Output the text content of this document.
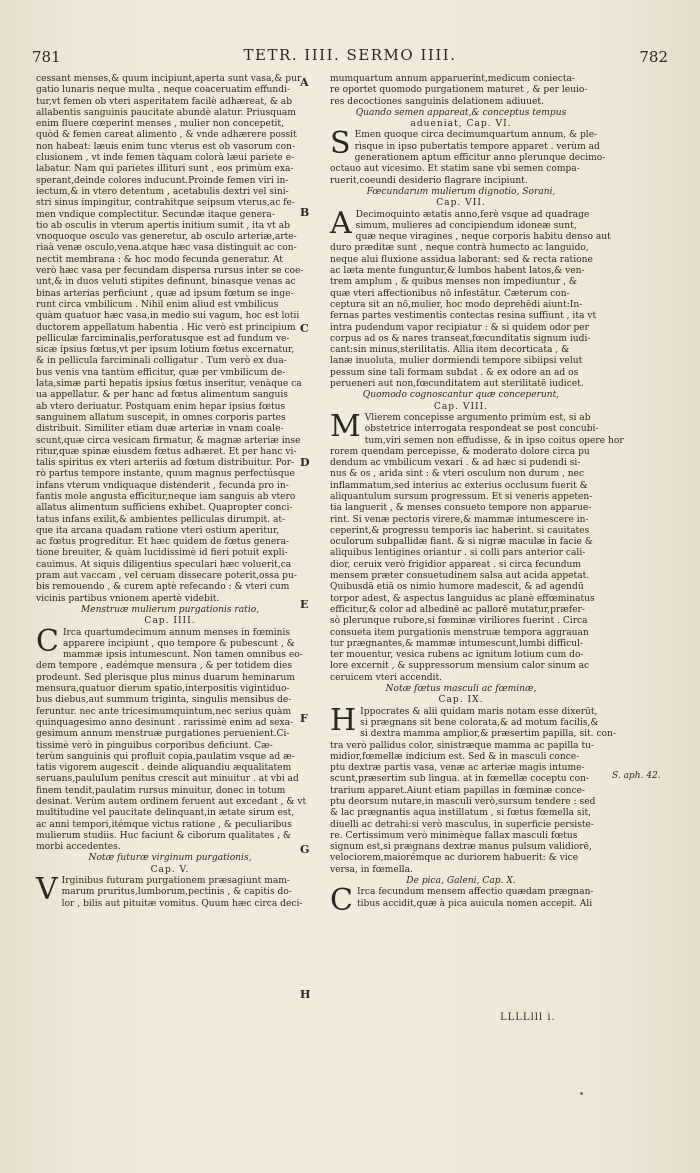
781	TETR. IIII. SERMO IIII.	782
cessant menses,& quum incipiunt,aperta sunt vasa,& pur
gatio lunaris neque multa , neque coaceruatim effundi-
tur,vt femen ob vteri asperitatem facilè adhæreat, & ab
allabentis sanguinis paucitate abundè alatur. Priusquam
enim fluere cœperint menses , mulier non concepetit,
quòd & femen careat alimento , & vnde adhærere possit
non habeat: læuis enim tunc vterus est ob vasorum con-
clusionem , vt inde femen tàquam colorà læui pariete e-
labatur. Nam qui parietes illituri sunt , eos primùm exa-
sperant,deinde colores inducunt.Proinde femen viri in-
iectum,& in vtero detentum , acetabulis dextri vel sini-
stri sinus impingitur, contrahitque seipsum vterus,ac fe-
men vndique complectitur. Secundæ itaque genera-
tio ab osculis in vterum apertis initium sumit , ita vt ab
vnoquoque osculo vas generetur, ab osculo arteriæ,arte-
riaà venæ osculo,vena.atque hæc vasa distinguit ac con-
nectit membrana : & hoc modo fecunda generatur. At
verò hæc vasa per fecundam dispersa rursus inter se coe-
unt,& in duos veluti stipites definunt, binasque venas ac
binas arterias perficiunt , quæ ad ipsum fœtum se inge-
runt circa vmbilicum . Nihil enim aliud est vmbilicus
quàm quatuor hæc vasa,in medio sui vagum, hoc est lotii
ductorem appellatum habentia . Hic verò est principium
pelliculæ farciminalis,perforatusque est ad fundum ve-
sicæ ipsius fœtus,vt per ipsum lotium fœtus excernatur,
& in pellicula farciminali colligatur . Tum verò ex dua-
bus venis vna tantùm efficitur, quæ per vmbilicum de-
lata,simæ parti hepatis ipsius fœtus inseritur, venàque ca
ua appellatur. & per hanc ad fœtus alimentum sanguis
ab vtero deriuatur. Postquam enim hepar ipsius fœtus
sanguinem allatum suscepit, in omnes corporis partes
distribuit. Similiter etiam duæ arteriæ in vnam coale-
scunt,quæ circa vesicam firmatur, & magnæ arteriæ inse
ritur,quæ spinæ eiusdem fœtus adhæret. Et per hanc vi-
talis spiritus ex vteri arteriis ad fœtum distribuitur. Por-
rò partus tempore instante, quum magnus perfectúsque
infans vterum vndiquaque distenderit , fecunda pro in-
fantis mole angusta efficitur,neque iam sanguis ab vtero
allatus alimentum sufficiens exhibet. Quapropter conci-
tatus infans exilit,& ambientes pelliculas dirumpit. at-
que ita arcana quadam ratione vteri ostium aperitur,
ac fœtus progreditur. Et hæc quidem de fœtus genera-
tione breuiter, & quàm lucidissimè id fieri potuit expli-
cauimus. At siquis diligentius speculari hæc voluerit,ca
pram aut vaccam , vel ceruam dissecare poterit,ossa pu-
bis remouendo , & curem aptè refecando : & vteri cum
vicinis partibus vnionem apertè videbit.
Menstruæ mulierum purgationis ratio,
Cap. IIII.
C Irca quartumdecimum annum menses in fœminis
apparere incipiunt , quo tempore & pubescunt , &
mammæ ipsis intumescunt. Non tamen omnibus eo-
dem tempore , eadémque mensura , & per totidem dies
prodeunt. Sed plerisque plus minus duarum heminarum
mensura,quatuor dierum spatio,interpositis vigintiduo-
bus diebus,aut summum triginta, singulis mensibus de-
feruntur. nec ante tricesimumquintum,nec serius quàm
quinquagesimo anno desinunt . rarissimè enim ad sexa-
gesimum annum menstruæ purgationes peruenient.Ci-
tissimè verò in pinguibus corporibus deficiunt. Cæ-
terùm sanguinis qui profluit copia,paulatim vsque ad æ-
tatis vigorem augescit . deinde aliquandiu æqualitatem
seruans,paululum penitus crescit aut minuitur . at vbi ad
finem tendit,paulatim rursus minuitur, donec in totum
desinat. Verùm autem ordinem feruent aut excedant , & vt
multitudine vel paucitate delinquant,in ætate sirum est,
ac anni tempori,itémque victus ratione , & peculiaribus
mulierum studiis. Huc faciunt & ciborum qualitates , &
morbi accedentes.
Notæ futuræ virginum purgationis,
Cap. V.
V Irginibus futuram purgationem præsagiunt mam-
marum pruritus,lumborum,pectinis , & capitis do-
lor , bilis aut pituitæ vomitus. Quum hæc circa deci-
mumquartum annum apparuerint,medicum coniecta-
re oportet quomodo purgationem maturet , & per leuio-
res decoctiones sanguinis delationem adiuuet.
Quando semen appareat,& conceptus tempus
adueniat, Cap. VI.
S Emen quoque circa decimumquartum annum, & ple-
rìsque in ipso pubertatis tempore apparet . verùm ad
generationem aptum efficitur anno plerunque decimo-
octauo aut vicesimo. Et statim sane vbi semen compa-
ruerit,coeundi desiderio flagrare incipiunt.
Fœcundarum mulierum dignotio, Sorani,
Cap. VII.
A Decimoquinto ætatis anno,ferè vsque ad quadrage
simum, mulieres ad concipiendum idoneæ sunt,
quæ neque viragines , neque corporis habitu denso aut
duro præditæ sunt , neque contrà humecto ac languido,
neque alui fluxione assidua laborant: sed & recta ratione
ac læta mente funguntur,& lumbos habent latos,& ven-
trem amplum , & quibus menses non impediuntur , &
quæ vteri affectionibus nō infestātur. Cæterum con-
ceptura sit an nō,mulier, hoc modo deprehēdi aiunt:In-
fernas partes vestimentis contectas resina suffiunt , ita vt
intra pudendum vapor recipiatur : & si quidem odor per
corpus ad os & nares transeat,fœcunditatis signum iudi-
cant:sin minus,sterilitatis. Allia item decorticata , &
lanæ inuoluta, mulier dormiendi tempore sibiipsi velut
pessum sine tali formam subdat . & ex odore an ad os
perueneri aut non,fœcunditatem aut sterilitatē iudicet.
Quomodo cognoscantur quæ conceperunt,
Cap. VIII.
M Vlierem concepisse argumento primùm est, si ab
obstetrice interrogata respondeat se post concubi-
tum,viri semen non effudisse, & in ipso coitus opere hor
rorem quendam percepisse, & moderato dolore circa pu
dendum ac vmbilicum vexari . & ad hæc si pudendi si-
nus & os , arida sint : & vteri osculum non durum , nec
inflammatum,sed interius ac exterius occlusum fuerit &
aliquantulum sursum progressum. Et si veneris appeten-
tia languerit , & menses consueto tempore non apparue-
rint. Si venæ pectoris virere,& mammæ intumescere in-
ceperint,& progressu temporis iac haberint. si cauitates
oculorum subpallidæ fiant. & si nigræ maculæ in facie &
aliquibus lentigines oriantur . si colli pars anterior cali-
dior, ceruix verò frigidior appareat . si circa fecundum
mensem præter consuetudinem salsa aut acida appetat.
Quibusdā etiā os nimio humore madescit, & ad agendū
torpor adest, & aspectus languidus ac planè effœminatus
efficitur,& color ad albedinē ac pallorē mutatur,præfer-
sò plerunque rubore,si fœminæ viriliores fuerint . Circa
consueta item purgationis menstruæ tempora aggrauan
tur prægnantes,& mammæ intumescunt,lumbi difficul-
ter mouentur, vesica rubens ac ignitum lotium cum do-
lore excernit , & suppressorum mensium calor sinum ac
ceruicem vteri accendit.
Notæ fœtus masculi ac fœminæ,
Cap. IX.
H Ippocrates & alii quidam maris notam esse dixerūt,
si prægnans sit bene colorata,& ad motum facilis,&
si dextra mamma amplior,& præsertim papilla, sit. con-
tra verò pallidus color, sinistræque mamma ac papilla tu-
midior,fœmellæ indicium est. Sed & in masculi conce-
ptu dextræ partis vasa, venæ ac arteriæ magis intume-
scunt,præsertim sub lingua. at in fœmellæ coceptu con-
trarium apparet.Aiunt etiam papillas in fœminæ conce-
ptu deorsum nutare,in masculi verò,sursum tendere : sed
& lac prægnantis aqua instillatum , si fœtus fœmella sit,
diuelli ac detrahi:si verò masculus, in superficie persiste-
re. Certissimum verò minimèque fallax masculi fœtus
signum est,si prægnans dextræ manus pulsum validiorē,
velociorem,maiorémque ac duriorem habuerit: & vice
versa, in fœmella.
De pica, Galeni, Cap. X.
C Irca fecundum mensem affectio quædam prægnan-
tibus accidit,quæ à pica auicula nomen accepit. Ali
A
B
C
D
E
F
G
H
S. aph. 42.
LLLLlll i.
